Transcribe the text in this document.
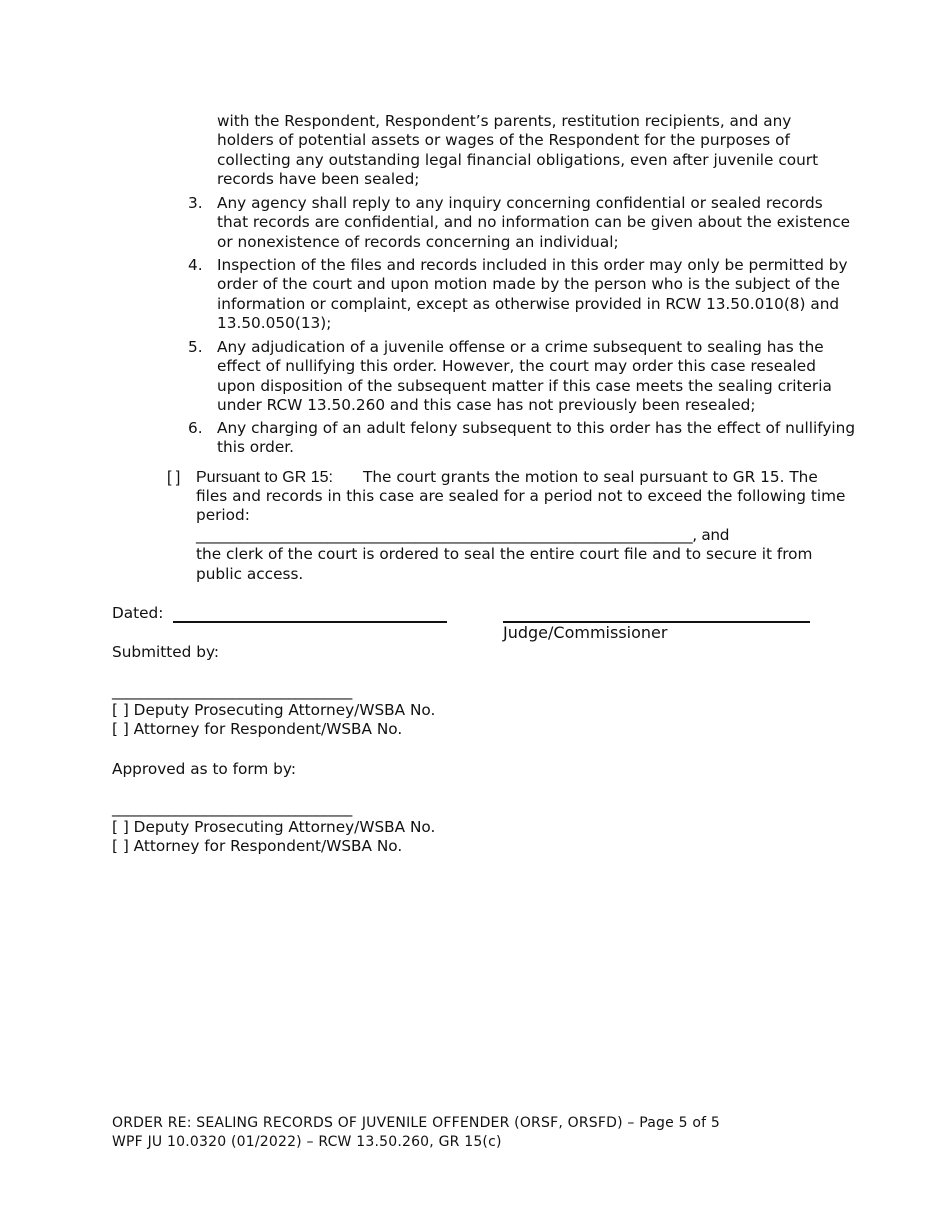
with the Respondent, Respondent’s parents, restitution recipients, and any
holders of potential assets or wages of the Respondent for the purposes of
collecting any outstanding legal financial obligations, even after juvenile court
records have been sealed;
3. Any agency shall reply to any inquiry concerning confidential or sealed records
that records are confidential, and no information can be given about the existence
or nonexistence of records concerning an individual;
4. Inspection of the files and records included in this order may only be permitted by
order of the court and upon motion made by the person who is the subject of the
information or complaint, except as otherwise provided in RCW 13.50.010(8) and
13.50.050(13);
5. Any adjudication of a juvenile offense or a crime subsequent to sealing has the
effect of nullifying this order. However, the court may order this case resealed
upon disposition of the subsequent matter if this case meets the sealing criteria
under RCW 13.50.260 and this case has not previously been resealed;
6. Any charging of an adult felony subsequent to this order has the effect of nullifying
this order.
[ ] Pursuant to GR 15: The court grants the motion to seal pursuant to GR 15. The
files and records in this case are sealed for a period not to exceed the following time
period:
____________________________________________________________________, and
the clerk of the court is ordered to seal the entire court file and to secure it from
public access.
Dated:
Judge/Commissioner
Submitted by:
__________________________________
[ ] Deputy Prosecuting Attorney/WSBA No.
[ ] Attorney for Respondent/WSBA No.
Approved as to form by:
__________________________________
[ ] Deputy Prosecuting Attorney/WSBA No.
[ ] Attorney for Respondent/WSBA No.
ORDER RE: SEALING RECORDS OF JUVENILE OFFENDER (ORSF, ORSFD) – Page 5 of 5
WPF JU 10.0320 (01/2022) – RCW 13.50.260, GR 15(c)
